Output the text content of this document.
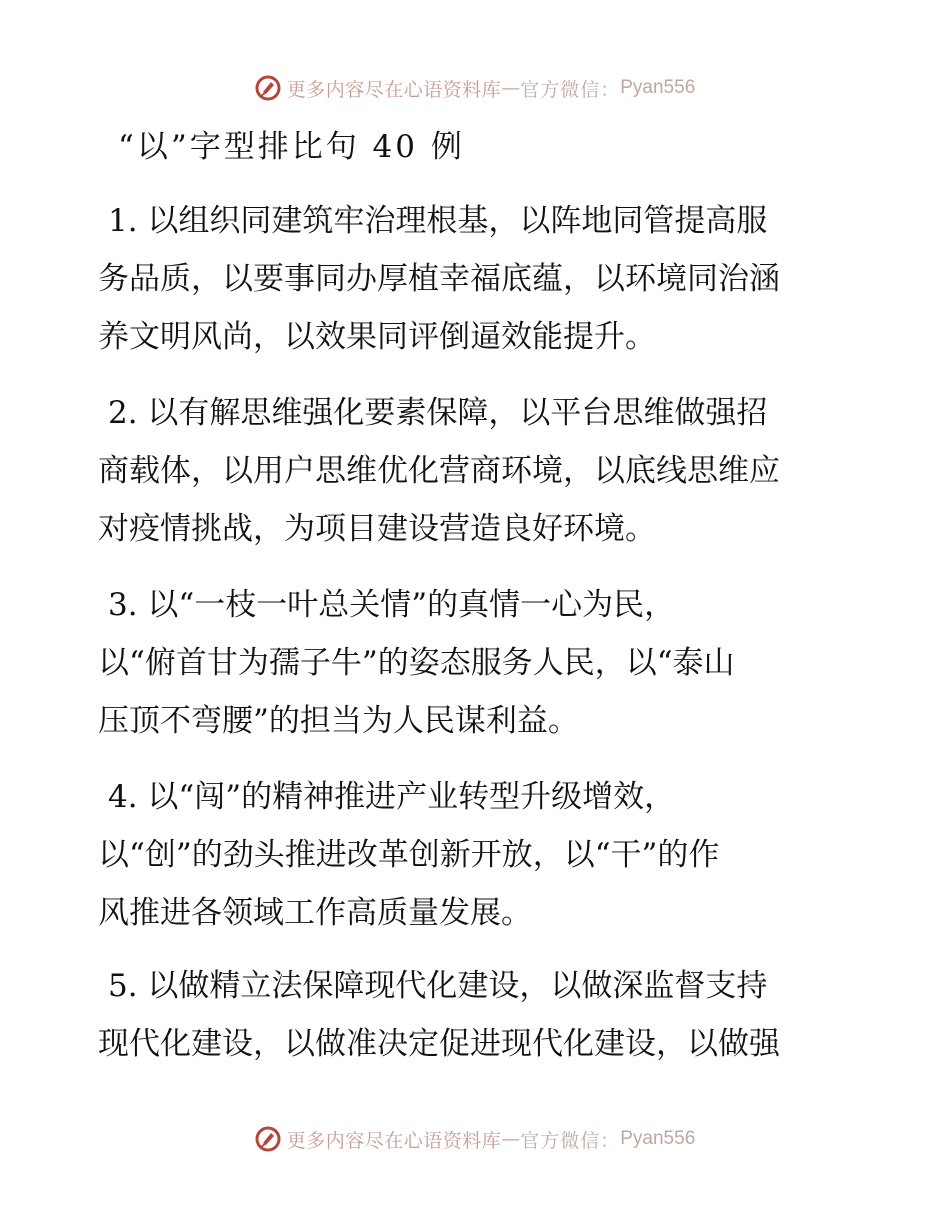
更多内容尽在心语资料库 — 官方微信： Pyan556
“以”字型排比句 40 例
1. 以组织同建筑牢治理根基，以阵地同管提高服
务品质，以要事同办厚植幸福底蕴，以环境同治涵
养文明风尚，以效果同评倒逼效能提升。
2. 以有解思维强化要素保障，以平台思维做强招
商载体，以用户思维优化营商环境，以底线思维应
对疫情挑战，为项目建设营造良好环境。
3. 以“一枝一叶总关情”的真情一心为民，
以“俯首甘为孺子牛”的姿态服务人民，以“泰山
压顶不弯腰”的担当为人民谋利益。
4. 以“闯”的精神推进产业转型升级增效，
以“创”的劲头推进改革创新开放，以“干”的作
风推进各领域工作高质量发展。
5. 以做精立法保障现代化建设，以做深监督支持
现代化建设，以做准决定促进现代化建设，以做强
更多内容尽在心语资料库 — 官方微信： Pyan556
